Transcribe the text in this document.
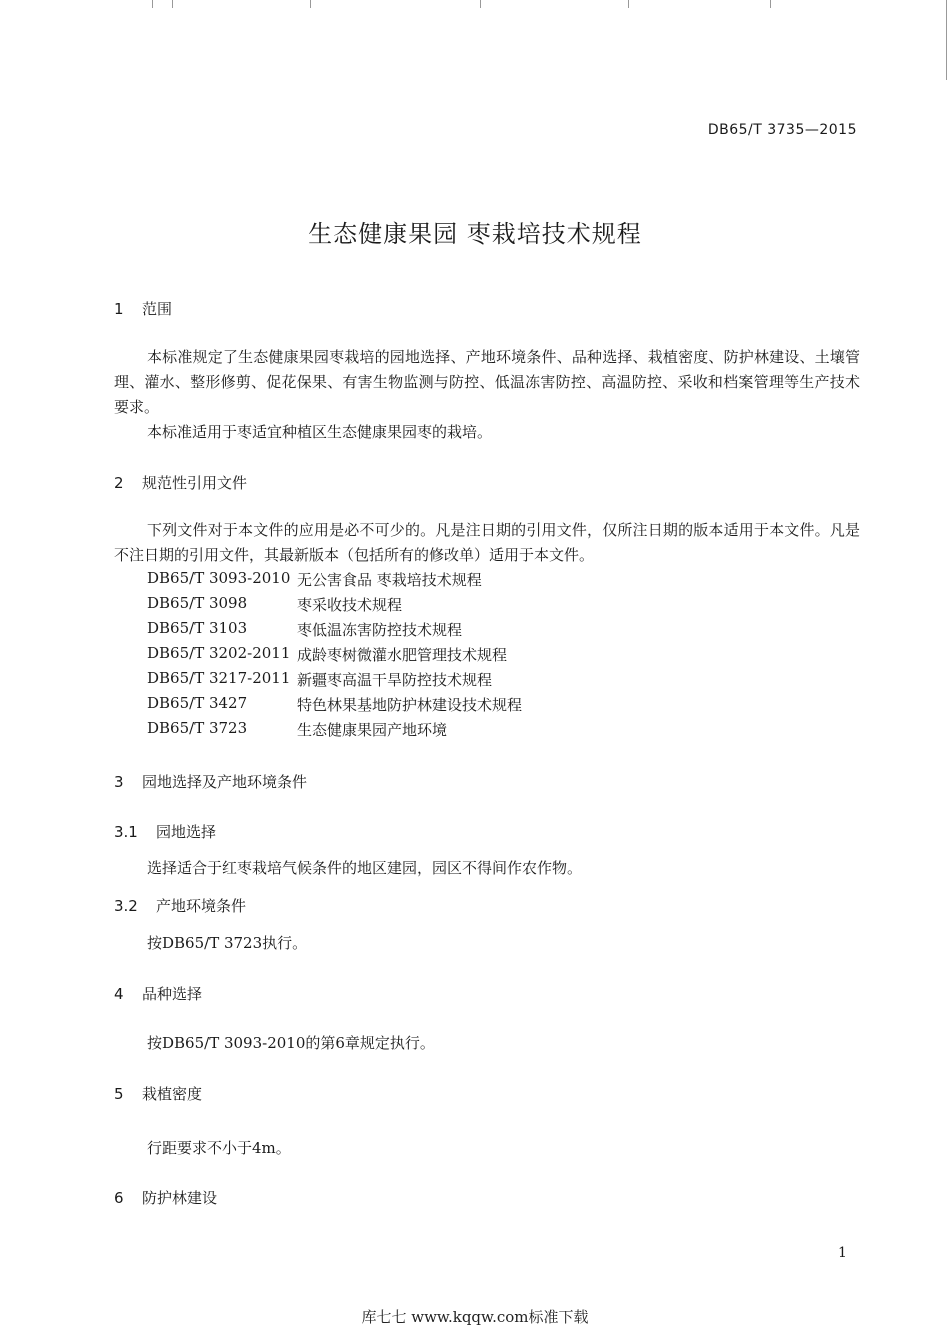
DB65/T 3735—2015
生态健康果园 枣栽培技术规程
1 范围
本标准规定了生态健康果园枣栽培的园地选择、产地环境条件、品种选择、栽植密度、防护林建设、土壤管理、灌水、整形修剪、促花保果、有害生物监测与防控、低温冻害防控、高温防控、采收和档案管理等生产技术要求。
本标准适用于枣适宜种植区生态健康果园枣的栽培。
2 规范性引用文件
下列文件对于本文件的应用是必不可少的。凡是注日期的引用文件，仅所注日期的版本适用于本文件。凡是不注日期的引用文件，其最新版本（包括所有的修改单）适用于本文件。
DB65/T 3093-2010 无公害食品 枣栽培技术规程
DB65/T 3098	枣采收技术规程
DB65/T 3103	枣低温冻害防控技术规程
DB65/T 3202-2011 成龄枣树微灌水肥管理技术规程
DB65/T 3217-2011 新疆枣高温干旱防控技术规程
DB65/T 3427	特色林果基地防护林建设技术规程
DB65/T 3723	生态健康果园产地环境
3 园地选择及产地环境条件
3.1 园地选择
选择适合于红枣栽培气候条件的地区建园，园区不得间作农作物。
3.2 产地环境条件
按DB65/T 3723执行。
4 品种选择
按DB65/T 3093-2010的第6章规定执行。
5 栽植密度
行距要求不小于4m。
6 防护林建设
1
库七七 www.kqqw.com标准下载
